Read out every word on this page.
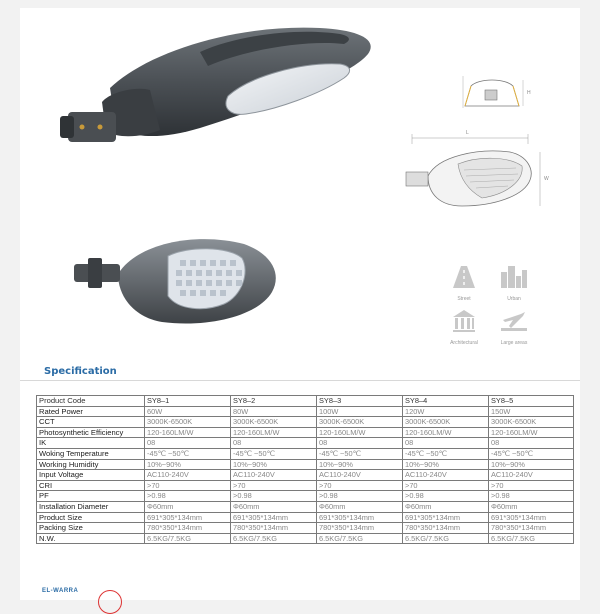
H
L
W
Street	Urban
Architectural	Large areas
Specification
Product Code	SY8–1	SY8–2	SY8–3	SY8–4	SY8–5
Rated Power	60W	80W	100W	120W	150W
CCT	3000K-6500K	3000K-6500K	3000K-6500K	3000K-6500K	3000K-6500K
Photosynthetic Efficiency	120-160LM/W	120-160LM/W	120-160LM/W	120-160LM/W	120-160LM/W
IK	08	08	08	08	08
Woking Temperature	-45℃ ~50℃	-45℃ ~50℃	-45℃ ~50℃	-45℃ ~50℃	-45℃ ~50℃
Working Humidity	10%~90%	10%~90%	10%~90%	10%~90%	10%~90%
Input Voltage	AC110-240V	AC110-240V	AC110-240V	AC110-240V	AC110-240V
CRI	>70	>70	>70	>70	>70
PF	>0.98	>0.98	>0.98	>0.98	>0.98
Installation Diameter	Φ60mm	Φ60mm	Φ60mm	Φ60mm	Φ60mm
Product Size	691*305*134mm	691*305*134mm	691*305*134mm	691*305*134mm	691*305*134mm
Packing Size	780*350*134mm	780*350*134mm	780*350*134mm	780*350*134mm	780*350*134mm
N.W.	6.5KG/7.5KG	6.5KG/7.5KG	6.5KG/7.5KG	6.5KG/7.5KG	6.5KG/7.5KG
EL-WARRA
